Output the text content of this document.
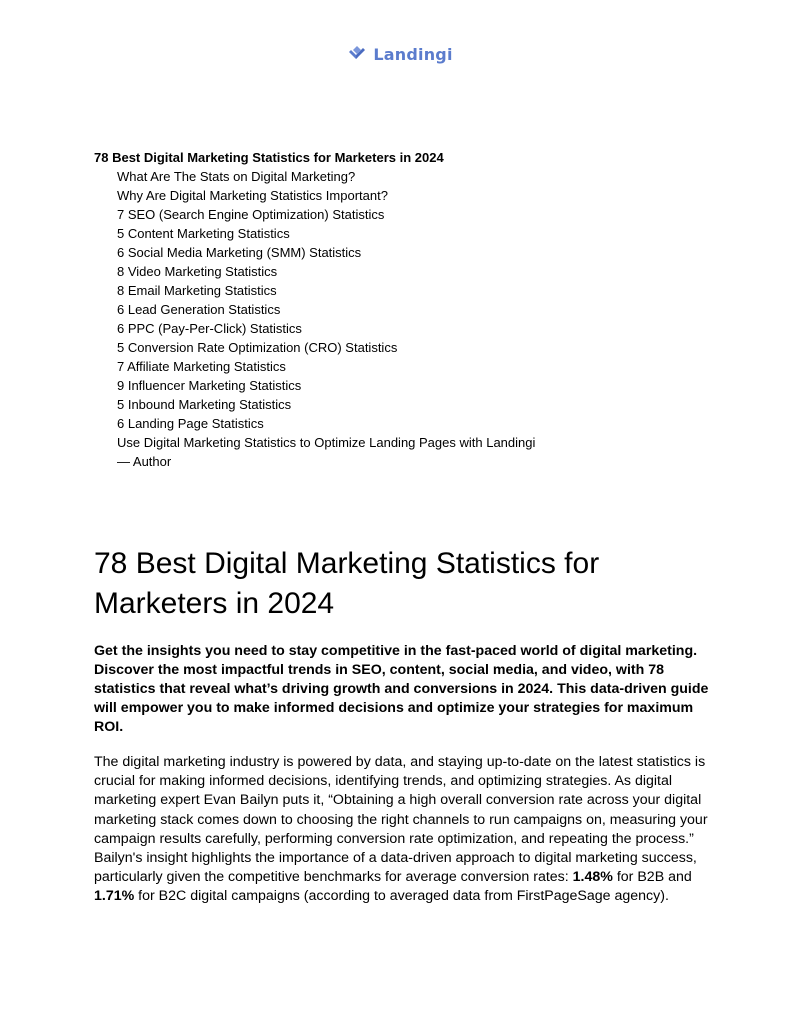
Landingi
78 Best Digital Marketing Statistics for Marketers in 2024
What Are The Stats on Digital Marketing?
Why Are Digital Marketing Statistics Important?
7 SEO (Search Engine Optimization) Statistics
5 Content Marketing Statistics
6 Social Media Marketing (SMM) Statistics
8 Video Marketing Statistics
8 Email Marketing Statistics
6 Lead Generation Statistics
6 PPC (Pay-Per-Click) Statistics
5 Conversion Rate Optimization (CRO) Statistics
7 Affiliate Marketing Statistics
9 Influencer Marketing Statistics
5 Inbound Marketing Statistics
6 Landing Page Statistics
Use Digital Marketing Statistics to Optimize Landing Pages with Landingi
— Author
78 Best Digital Marketing Statistics for Marketers in 2024

Get the insights you need to stay competitive in the fast-paced world of digital marketing. Discover the most impactful trends in SEO, content, social media, and video, with 78 statistics that reveal what’s driving growth and conversions in 2024. This data-driven guide will empower you to make informed decisions and optimize your strategies for maximum ROI.

The digital marketing industry is powered by data, and staying up-to-date on the latest statistics is crucial for making informed decisions, identifying trends, and optimizing strategies. As digital marketing expert Evan Bailyn puts it, “Obtaining a high overall conversion rate across your digital marketing stack comes down to choosing the right channels to run campaigns on, measuring your campaign results carefully, performing conversion rate optimization, and repeating the process.” Bailyn's insight highlights the importance of a data-driven approach to digital marketing success, particularly given the competitive benchmarks for average conversion rates: 1.48% for B2B and 1.71% for B2C digital campaigns (according to averaged data from FirstPageSage agency).
